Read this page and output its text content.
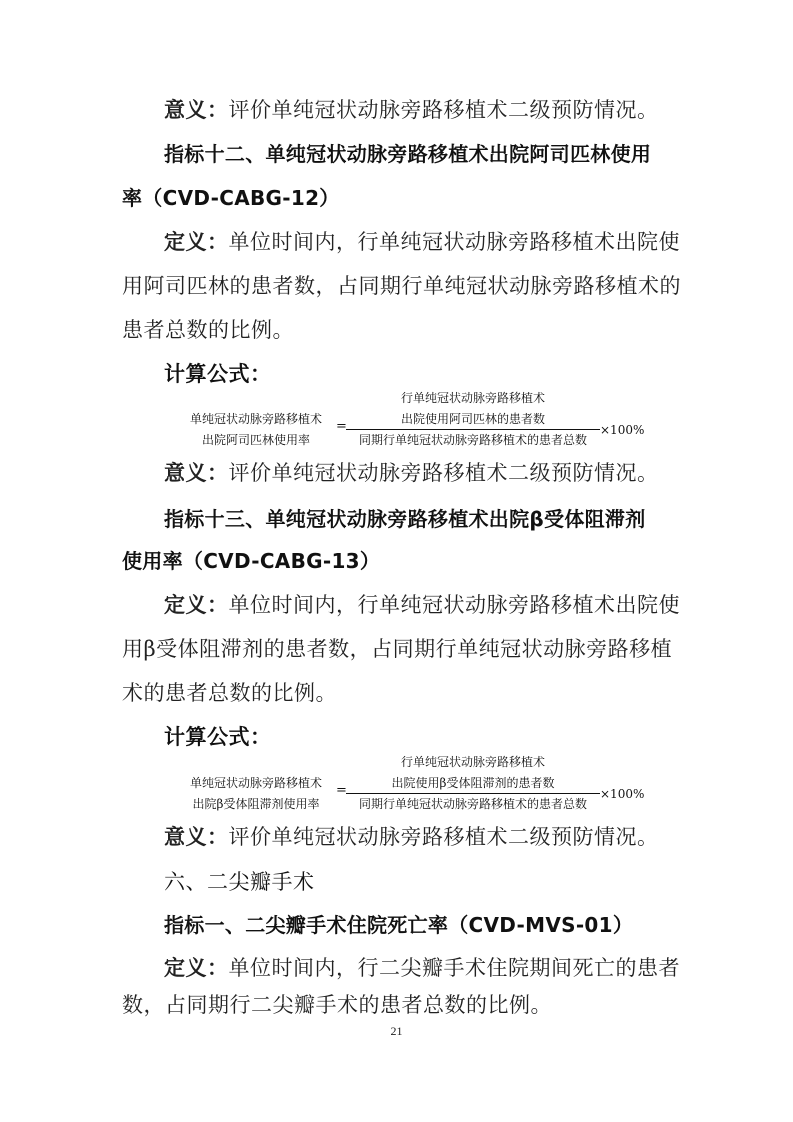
意义：评价单纯冠状动脉旁路移植术二级预防情况。
指标十二、单纯冠状动脉旁路移植术出院阿司匹林使用
率（CVD-CABG-12）
定义：单位时间内，行单纯冠状动脉旁路移植术出院使
用阿司匹林的患者数，占同期行单纯冠状动脉旁路移植术的
患者总数的比例。
计算公式：
单纯冠状动脉旁路移植术
出院阿司匹林使用率
=
行单纯冠状动脉旁路移植术
出院使用阿司匹林的患者数
同期行单纯冠状动脉旁路移植术的患者总数
×100%
意义：评价单纯冠状动脉旁路移植术二级预防情况。
指标十三、单纯冠状动脉旁路移植术出院β受体阻滞剂
使用率（CVD-CABG-13）
定义：单位时间内，行单纯冠状动脉旁路移植术出院使
用β受体阻滞剂的患者数，占同期行单纯冠状动脉旁路移植
术的患者总数的比例。
计算公式：
单纯冠状动脉旁路移植术
出院β受体阻滞剂使用率
=
行单纯冠状动脉旁路移植术
出院使用β受体阻滞剂的患者数
同期行单纯冠状动脉旁路移植术的患者总数
×100%
意义：评价单纯冠状动脉旁路移植术二级预防情况。
六、二尖瓣手术
指标一、二尖瓣手术住院死亡率（CVD-MVS-01）
定义：单位时间内，行二尖瓣手术住院期间死亡的患者
数，占同期行二尖瓣手术的患者总数的比例。
21
